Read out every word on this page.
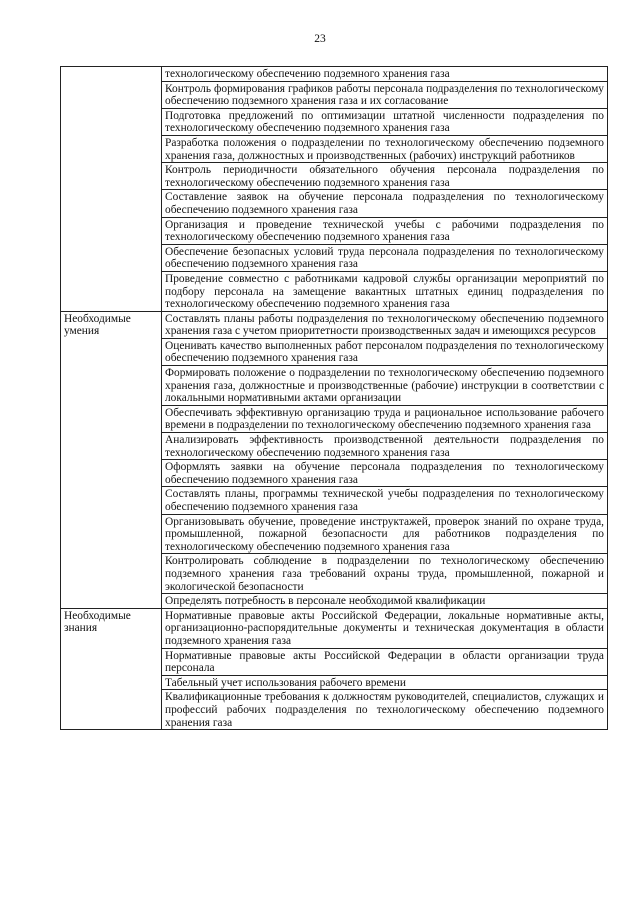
23
	технологическому обеспечению подземного хранения газа
	Контроль формирования графиков работы персонала подразделения по технологическому обеспечению подземного хранения газа и их согласование
	Подготовка предложений по оптимизации штатной численности подразделения по технологическому обеспечению подземного хранения газа
	Разработка положения о подразделении по технологическому обеспечению подземного хранения газа, должностных и производственных (рабочих) инструкций работников
	Контроль периодичности обязательного обучения персонала подразделения по технологическому обеспечению подземного хранения газа
	Составление заявок на обучение персонала подразделения по технологическому обеспечению подземного хранения газа
	Организация и проведение технической учебы с рабочими подразделения по технологическому обеспечению подземного хранения газа
	Обеспечение безопасных условий труда персонала подразделения по технологическому обеспечению подземного хранения газа
	Проведение совместно с работниками кадровой службы организации мероприятий по подбору персонала на замещение вакантных штатных единиц подразделения по технологическому обеспечению подземного хранения газа
Необходимые умения	Составлять планы работы подразделения по технологическому обеспечению подземного хранения газа с учетом приоритетности производственных задач и имеющихся ресурсов
	Оценивать качество выполненных работ персоналом подразделения по технологическому обеспечению подземного хранения газа
	Формировать положение о подразделении по технологическому обеспечению подземного хранения газа, должностные и производственные (рабочие) инструкции в соответствии с локальными нормативными актами организации
	Обеспечивать эффективную организацию труда и рациональное использование рабочего времени в подразделении по технологическому обеспечению подземного хранения газа
	Анализировать эффективность производственной деятельности подразделения по технологическому обеспечению подземного хранения газа
	Оформлять заявки на обучение персонала подразделения по технологическому обеспечению подземного хранения газа
	Составлять планы, программы технической учебы подразделения по технологическому обеспечению подземного хранения газа
	Организовывать обучение, проведение инструктажей, проверок знаний по охране труда, промышленной, пожарной безопасности для работников подразделения по технологическому обеспечению подземного хранения газа
	Контролировать соблюдение в подразделении по технологическому обеспечению подземного хранения газа требований охраны труда, промышленной, пожарной и экологической безопасности
	Определять потребность в персонале необходимой квалификации
Необходимые знания	Нормативные правовые акты Российской Федерации, локальные нормативные акты, организационно-распорядительные документы и техническая документация в области подземного хранения газа
	Нормативные правовые акты Российской Федерации в области организации труда персонала
	Табельный учет использования рабочего времени
	Квалификационные требования к должностям руководителей, специалистов, служащих и профессий рабочих подразделения по технологическому обеспечению подземного хранения газа
